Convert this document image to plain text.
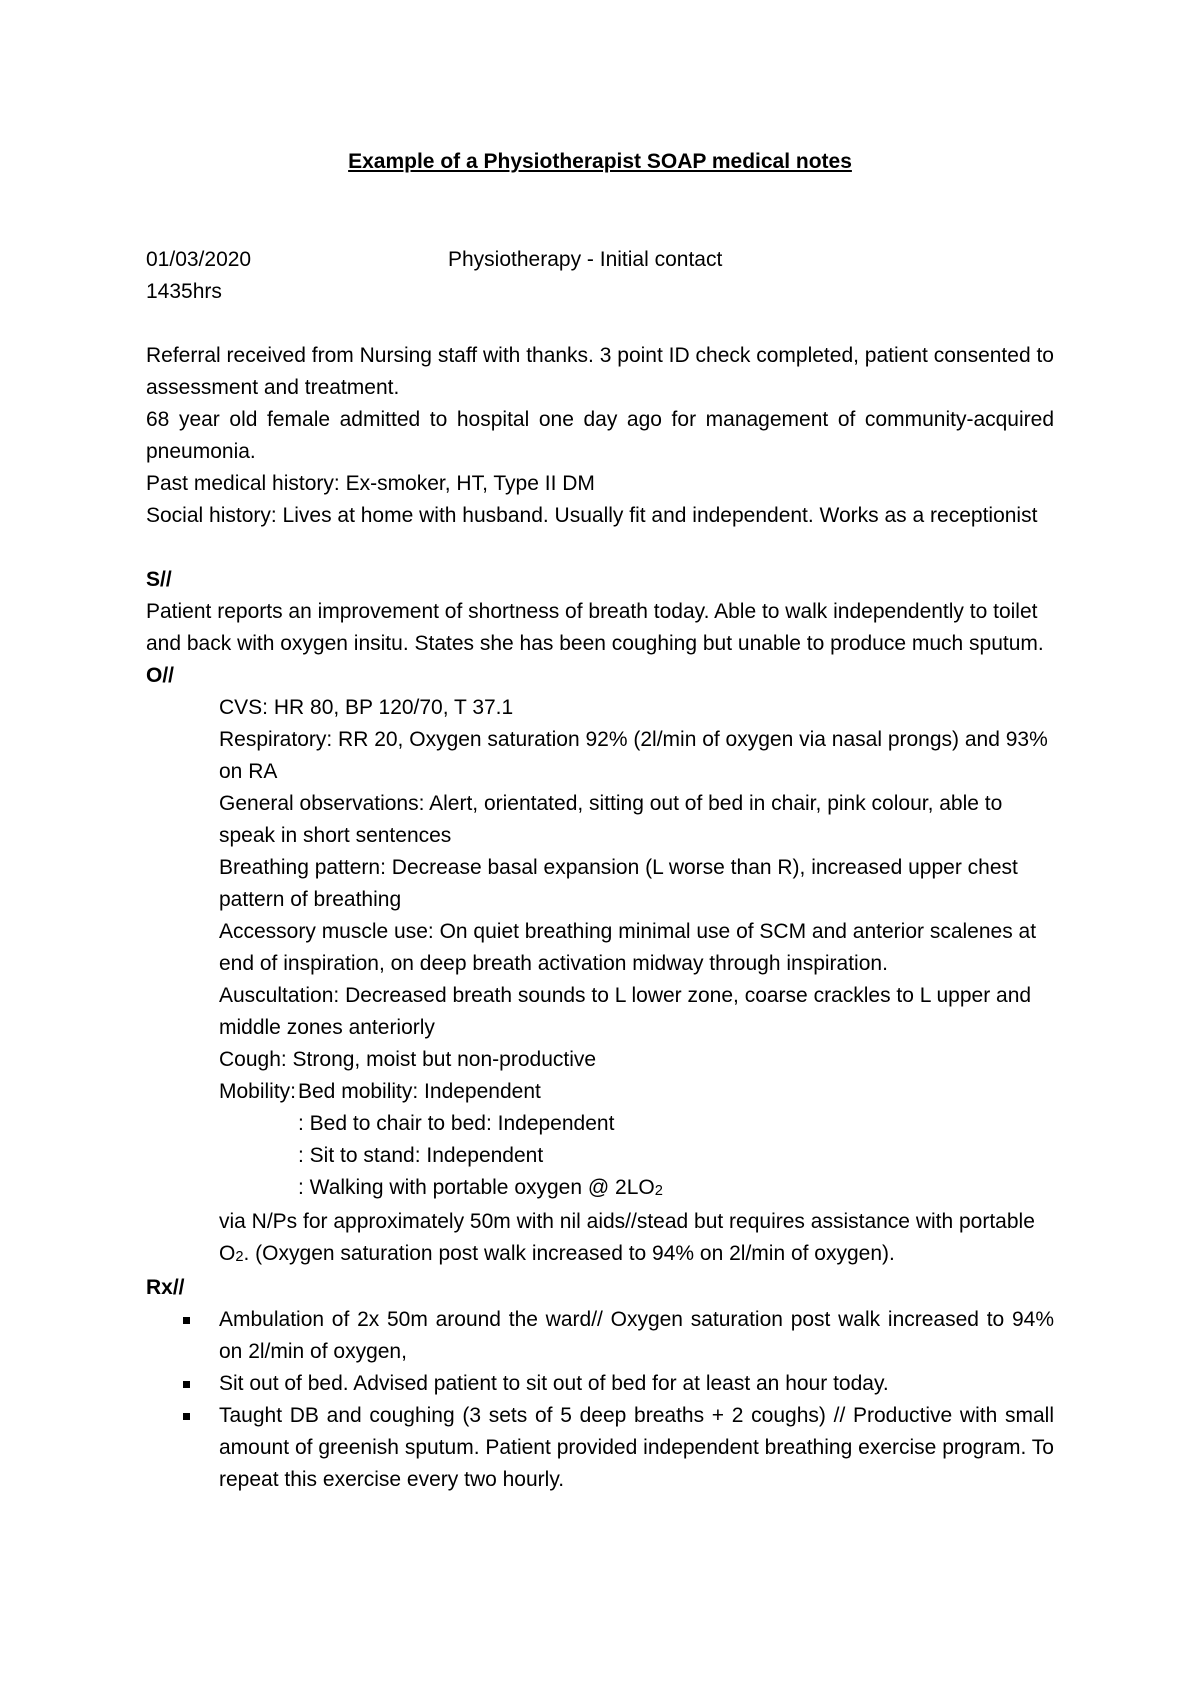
Example of a Physiotherapist SOAP medical notes
01/03/2020	Physiotherapy - Initial contact

1435hrs

Referral received from Nursing staff with thanks. 3 point ID check completed, patient consented to assessment and treatment.

68 year old female admitted to hospital one day ago for management of community-acquired pneumonia.

Past medical history: Ex-smoker, HT, Type II DM

Social history: Lives at home with husband. Usually fit and independent. Works as a receptionist

S//

Patient reports an improvement of shortness of breath today. Able to walk independently to toilet and back with oxygen insitu. States she has been coughing but unable to produce much sputum.

O//

CVS: HR 80, BP 120/70, T 37.1

Respiratory: RR 20, Oxygen saturation 92% (2l/min of oxygen via nasal prongs) and 93% on RA

General observations: Alert, orientated, sitting out of bed in chair, pink colour, able to speak in short sentences

Breathing pattern: Decrease basal expansion (L worse than R), increased upper chest pattern of breathing

Accessory muscle use: On quiet breathing minimal use of SCM and anterior scalenes at end of inspiration, on deep breath activation midway through inspiration.

Auscultation: Decreased breath sounds to L lower zone, coarse crackles to L upper and middle zones anteriorly

Cough: Strong, moist but non-productive

Mobility: Bed mobility: Independent
: Bed to chair to bed: Independent
: Sit to stand: Independent
: Walking with portable oxygen @ $2LO_2$
via N/Ps for approximately 50m with nil aids//stead but requires assistance with portable $O_2$. (Oxygen saturation post walk increased to 94% on 2l/min of oxygen).

Rx//

Ambulation of 2x 50m around the ward// Oxygen saturation post walk increased to 94% on 2l/min of oxygen,
Sit out of bed. Advised patient to sit out of bed for at least an hour today.
Taught DB and coughing (3 sets of 5 deep breaths + 2 coughs) // Productive with small amount of greenish sputum. Patient provided independent breathing exercise program. To repeat this exercise every two hourly.
